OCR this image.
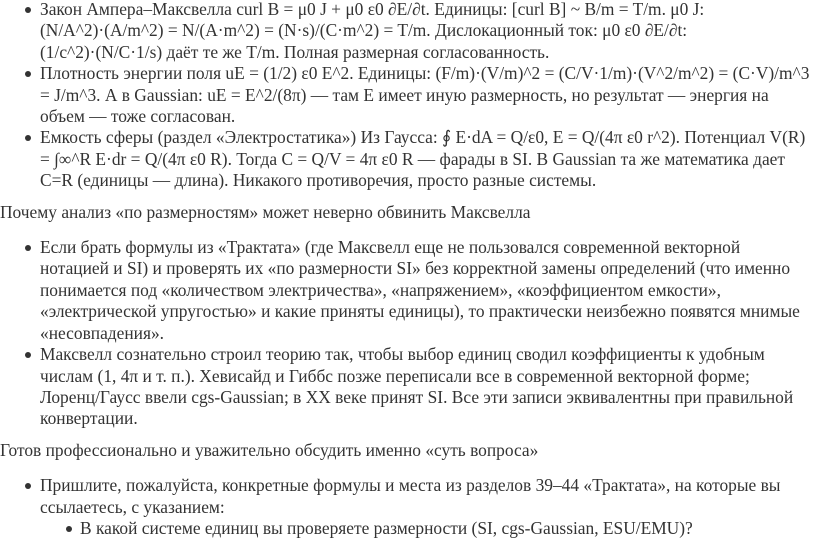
Закон Ампера–Максвелла curl B = μ0 J + μ0 ε0 ∂E/∂t. Единицы: [curl B] ~ B/m = T/m. μ0 J: (N/A^2)·(A/m^2) = N/(A·m^2) = (N·s)/(C·m^2) = T/m. Дислокационный ток: μ0 ε0 ∂E/∂t: (1/c^2)·(N/C·1/s) даёт те же T/m. Полная размерная согласованность.
Плотность энергии поля uE = (1/2) ε0 E^2. Единицы: (F/m)·(V/m)^2 = (C/V·1/m)·(V^2/m^2) = (C·V)/m^3 = J/m^3. А в Gaussian: uE = E^2/(8π) — там E имеет иную размерность, но результат — энергия на объем — тоже согласован.
Емкость сферы (раздел «Электростатика») Из Гаусса: ∮ E·dA = Q/ε0, E = Q/(4π ε0 r^2). Потенциал V(R) = ∫∞^R E·dr = Q/(4π ε0 R). Тогда C = Q/V = 4π ε0 R — фарады в SI. В Gaussian та же математика дает C=R (единицы — длина). Никакого противоречия, просто разные системы.
Почему анализ «по размерностям» может неверно обвинить Максвелла
Если брать формулы из «Трактата» (где Максвелл еще не пользовался современной векторной нотацией и SI) и проверять их «по размерности SI» без корректной замены определений (что именно понимается под «количеством электричества», «напряжением», «коэффициентом емкости», «электрической упругостью» и какие приняты единицы), то практически неизбежно появятся мнимые «несовпадения».
Максвелл сознательно строил теорию так, чтобы выбор единиц сводил коэффициенты к удобным числам (1, 4π и т. п.). Хевисайд и Гиббс позже переписали все в современной векторной форме; Лоренц/Гаусс ввели cgs-Gaussian; в XX веке принят SI. Все эти записи эквивалентны при правильной конвертации.
Готов профессионально и уважительно обсудить именно «суть вопроса»
Пришлите, пожалуйста, конкретные формулы и места из разделов 39–44 «Трактата», на которые вы ссылаетесь, с указанием:
В какой системе единиц вы проверяете размерности (SI, cgs-Gaussian, ESU/EMU)?
